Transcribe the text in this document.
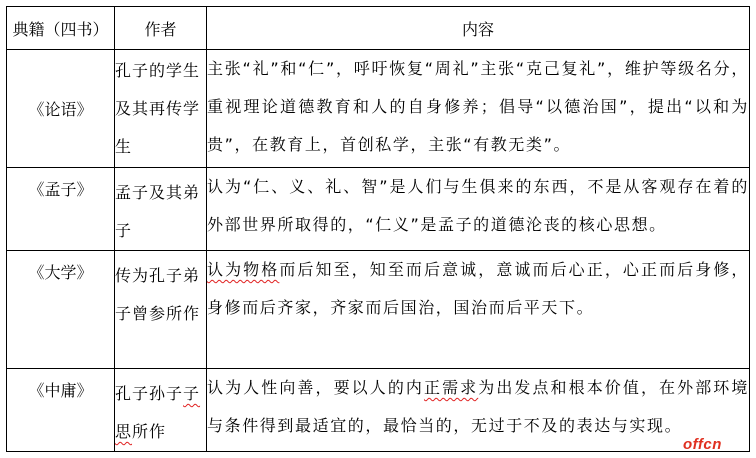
典籍（四书）	作者	内容
《论语》	孔子的学生及其再传学生	主张“礼”和“仁”，呼吁恢复“周礼”主张“克己复礼”，维护等级名分，重视理论道德教育和人的自身修养；倡导“以德治国”，提出“以和为贵”，在教育上，首创私学，主张“有教无类”。
《孟子》	孟子及其弟子	认为“仁、义、礼、智”是人们与生俱来的东西，不是从客观存在着的外部世界所取得的，“仁义”是孟子的道德沦丧的核心思想。
《大学》	传为孔子弟子曾参所作	认为物格而后知至，知至而后意诚，意诚而后心正，心正而后身修，身修而后齐家，齐家而后国治，国治而后平天下。
《中庸》	孔子孙子子思所作	认为人性向善，要以人的内正需求为出发点和根本价值，在外部环境与条件得到最适宜的，最恰当的，无过于不及的表达与实现。
offcn
